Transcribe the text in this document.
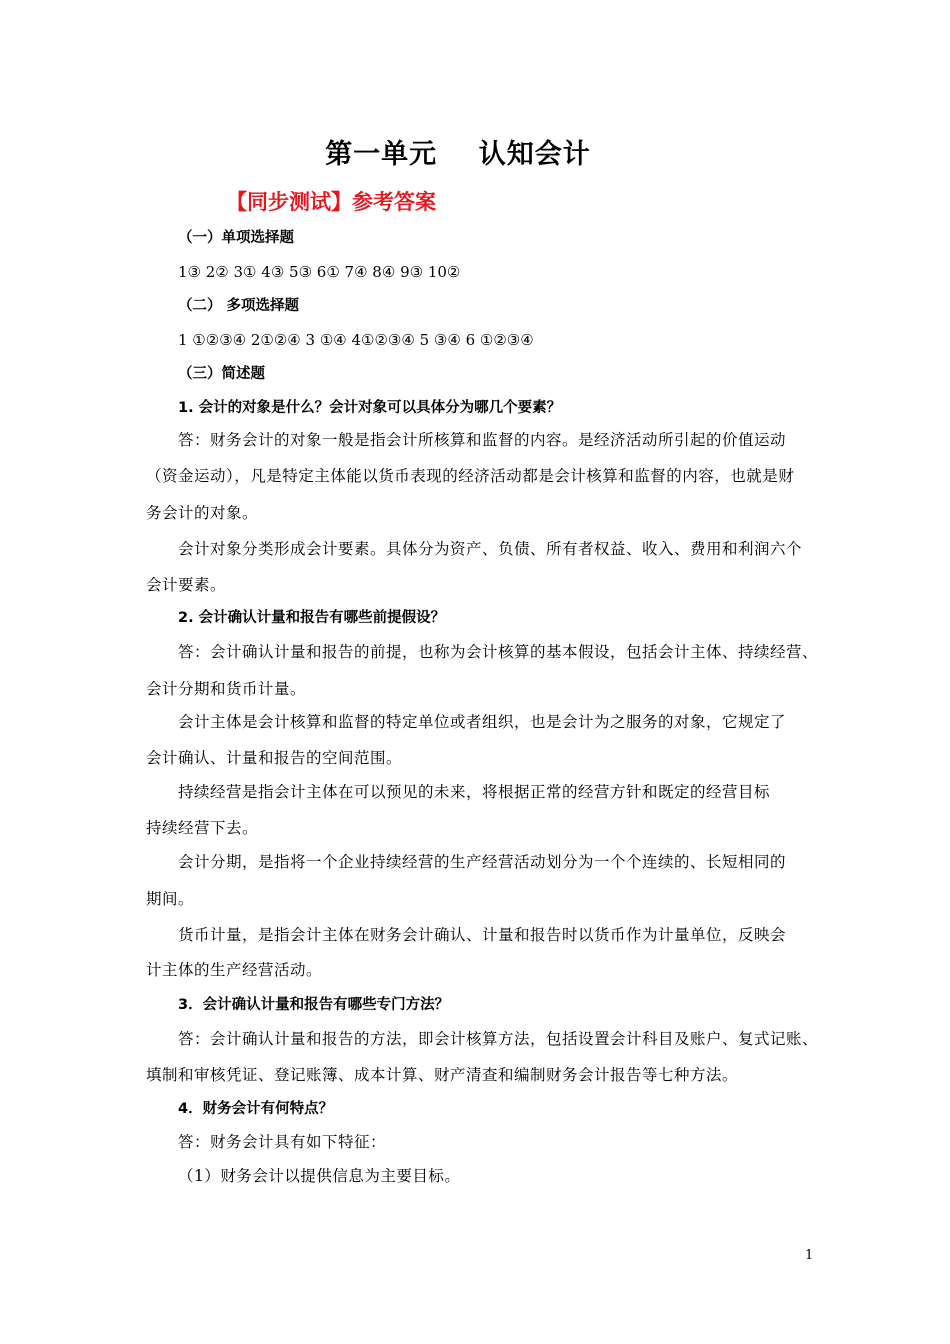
第一单元    认知会计
【同步测试】参考答案
（一）单项选择题
1③ 2② 3① 4③ 5③ 6① 7④ 8④ 9③ 10②
（二） 多项选择题
1 ①②③④ 2①②④ 3 ①④ 4①②③④ 5 ③④ 6 ①②③④
（三）简述题
1. 会计的对象是什么？会计对象可以具体分为哪几个要素？
答：财务会计的对象一般是指会计所核算和监督的内容。是经济活动所引起的价值运动
（资金运动），凡是特定主体能以货币表现的经济活动都是会计核算和监督的内容，也就是财
务会计的对象。
会计对象分类形成会计要素。具体分为资产、负债、所有者权益、收入、费用和利润六个
会计要素。
2. 会计确认计量和报告有哪些前提假设？
答：会计确认计量和报告的前提，也称为会计核算的基本假设，包括会计主体、持续经营、
会计分期和货币计量。
会计主体是会计核算和监督的特定单位或者组织，也是会计为之服务的对象，它规定了
会计确认、计量和报告的空间范围。
持续经营是指会计主体在可以预见的未来，将根据正常的经营方针和既定的经营目标
持续经营下去。
会计分期，是指将一个企业持续经营的生产经营活动划分为一个个连续的、长短相同的
期间。
货币计量，是指会计主体在财务会计确认、计量和报告时以货币作为计量单位，反映会
计主体的生产经营活动。
3．会计确认计量和报告有哪些专门方法？
答：会计确认计量和报告的方法，即会计核算方法，包括设置会计科目及账户、复式记账、
填制和审核凭证、登记账簿、成本计算、财产清查和编制财务会计报告等七种方法。
4．财务会计有何特点？
答：财务会计具有如下特征：
（1）财务会计以提供信息为主要目标。
1
